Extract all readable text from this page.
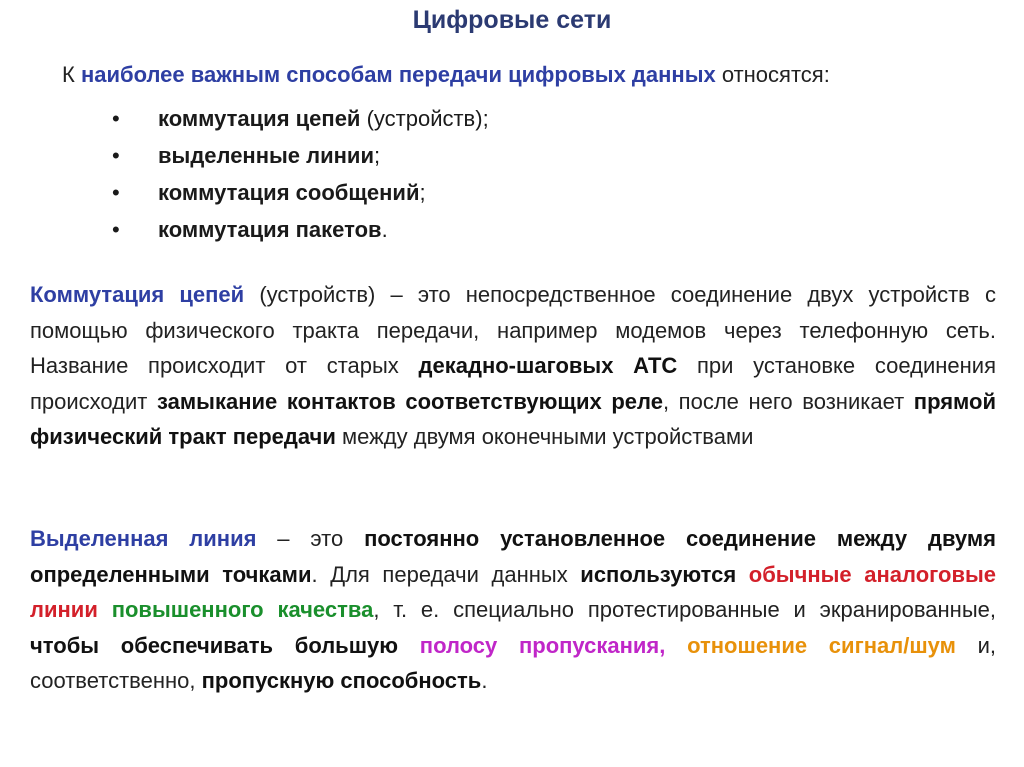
Цифровые сети
К наиболее важным способам передачи цифровых данных относятся:
• коммутация цепей (устройств);
• выделенные линии;
• коммутация сообщений;
• коммутация пакетов.
Коммутация цепей (устройств) – это непосредственное соединение двух устройств с помощью физического тракта передачи, например модемов через телефонную сеть. Название происходит от старых декадно-шаговых АТС при установке соединения происходит замыкание контактов соответствующих реле, после него возникает прямой физический тракт передачи между двумя оконечными устройствами
Выделенная линия – это постоянно установленное соединение между двумя определенными точками. Для передачи данных используются обычные аналоговые линии повышенного качества, т. е. специально протестированные и экранированные, чтобы обеспечивать большую полосу пропускания, отношение сигнал/шум и, соответственно, пропускную способность.
